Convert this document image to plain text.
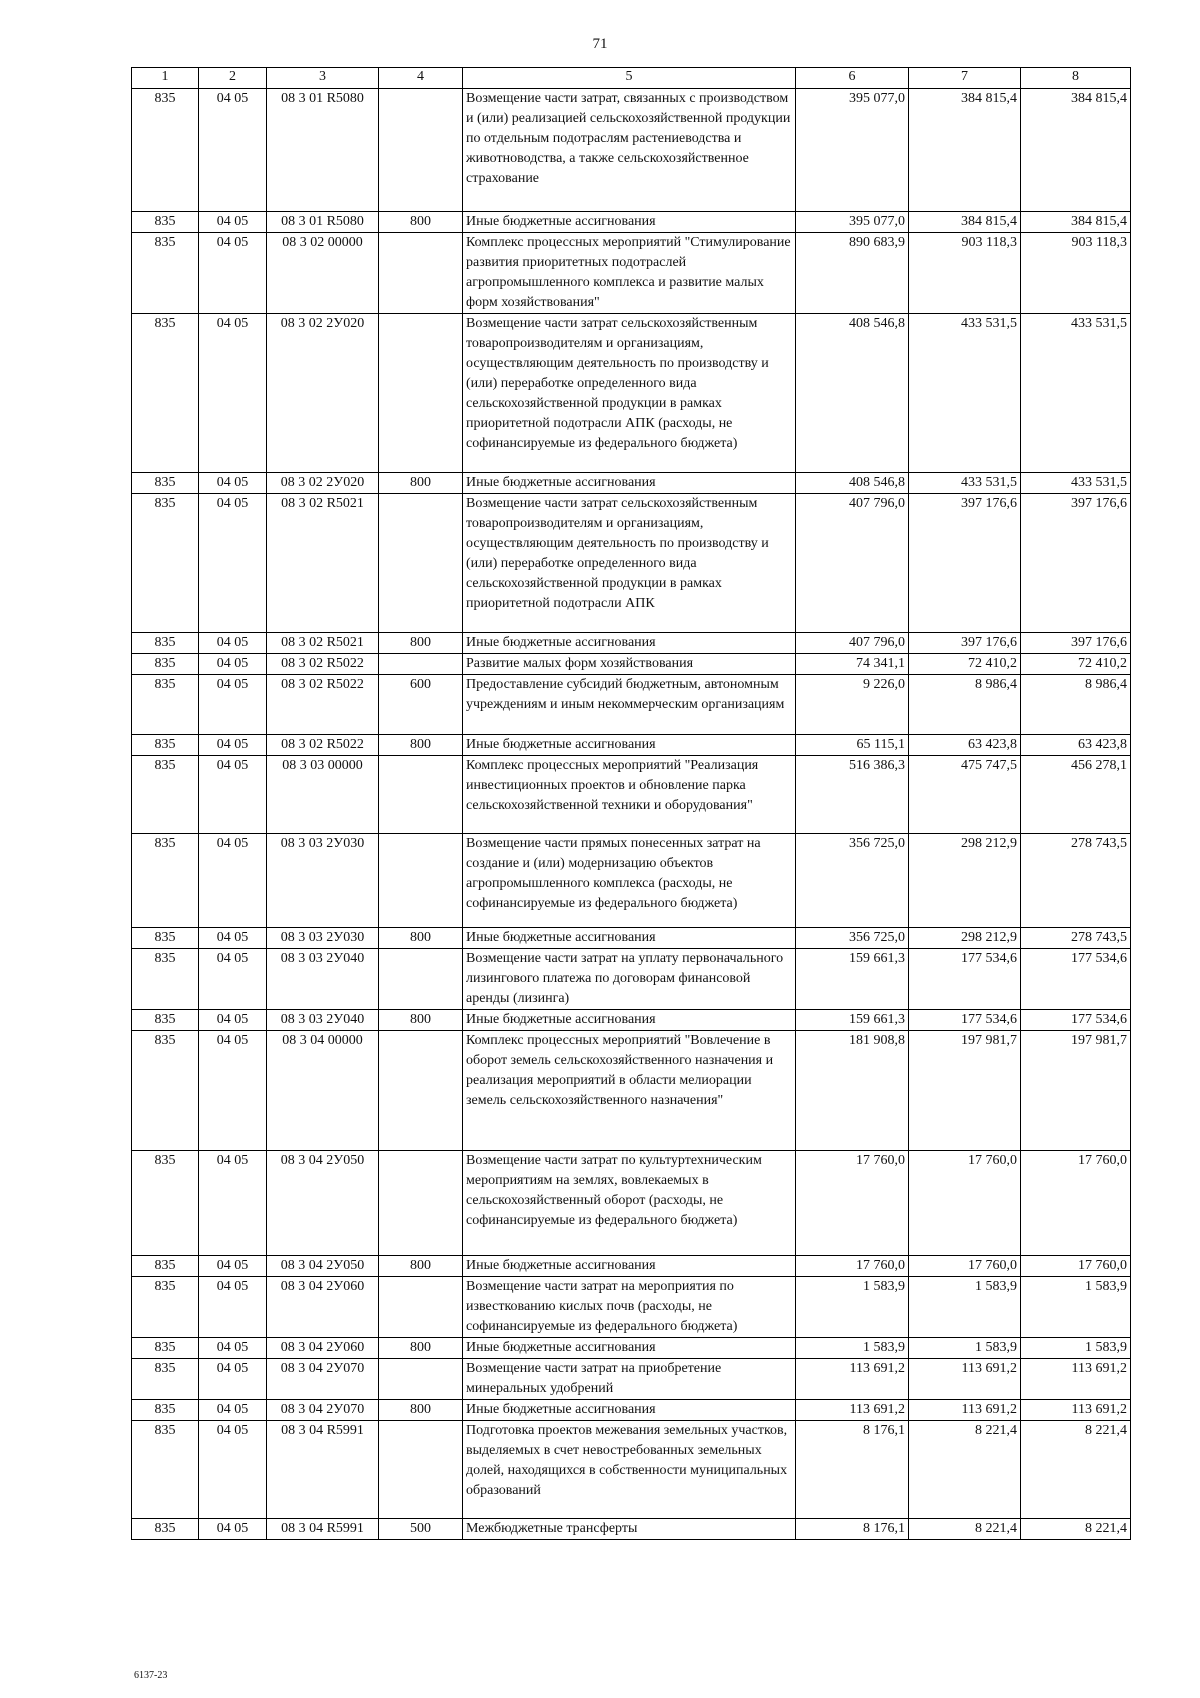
71
1	2	3	4	5	6	7	8
835	04 05	08 3 01 R5080		Возмещение части затрат, связанных с производством и (или) реализацией сельскохозяйственной продукции по отдельным подотраслям растениеводства и животноводства, а также сельскохозяйственное страхование	395 077,0	384 815,4	384 815,4
835	04 05	08 3 01 R5080	800	Иные бюджетные ассигнования	395 077,0	384 815,4	384 815,4
835	04 05	08 3 02 00000		Комплекс процессных мероприятий "Стимулирование развития приоритетных подотраслей агропромышленного комплекса и развитие малых форм хозяйствования"	890 683,9	903 118,3	903 118,3
835	04 05	08 3 02 2У020		Возмещение части затрат сельскохозяйственным товаропроизводителям и организациям, осуществляющим деятельность по производству и (или) переработке определенного вида сельскохозяйственной продукции в рамках приоритетной подотрасли АПК (расходы, не софинансируемые из федерального бюджета)	408 546,8	433 531,5	433 531,5
835	04 05	08 3 02 2У020	800	Иные бюджетные ассигнования	408 546,8	433 531,5	433 531,5
835	04 05	08 3 02 R5021		Возмещение части затрат сельскохозяйственным товаропроизводителям и организациям, осуществляющим деятельность по производству и (или) переработке определенного вида сельскохозяйственной продукции в рамках приоритетной подотрасли АПК	407 796,0	397 176,6	397 176,6
835	04 05	08 3 02 R5021	800	Иные бюджетные ассигнования	407 796,0	397 176,6	397 176,6
835	04 05	08 3 02 R5022		Развитие малых форм хозяйствования	74 341,1	72 410,2	72 410,2
835	04 05	08 3 02 R5022	600	Предоставление субсидий бюджетным, автономным учреждениям и иным некоммерческим организациям	9 226,0	8 986,4	8 986,4
835	04 05	08 3 02 R5022	800	Иные бюджетные ассигнования	65 115,1	63 423,8	63 423,8
835	04 05	08 3 03 00000		Комплекс процессных мероприятий "Реализация инвестиционных проектов и обновление парка сельскохозяйственной техники и оборудования"	516 386,3	475 747,5	456 278,1
835	04 05	08 3 03 2У030		Возмещение части прямых понесенных затрат на создание и (или) модернизацию объектов агропромышленного комплекса (расходы, не софинансируемые из федерального бюджета)	356 725,0	298 212,9	278 743,5
835	04 05	08 3 03 2У030	800	Иные бюджетные ассигнования	356 725,0	298 212,9	278 743,5
835	04 05	08 3 03 2У040		Возмещение части затрат на уплату первоначального лизингового платежа по договорам финансовой аренды (лизинга)	159 661,3	177 534,6	177 534,6
835	04 05	08 3 03 2У040	800	Иные бюджетные ассигнования	159 661,3	177 534,6	177 534,6
835	04 05	08 3 04 00000		Комплекс процессных мероприятий "Вовлечение в оборот земель сельскохозяйственного назначения и реализация мероприятий в области мелиорации земель сельскохозяйственного назначения"	181 908,8	197 981,7	197 981,7
835	04 05	08 3 04 2У050		Возмещение части затрат по культуртехническим мероприятиям на землях, вовлекаемых в сельскохозяйственный оборот (расходы, не софинансируемые из федерального бюджета)	17 760,0	17 760,0	17 760,0
835	04 05	08 3 04 2У050	800	Иные бюджетные ассигнования	17 760,0	17 760,0	17 760,0
835	04 05	08 3 04 2У060		Возмещение части затрат на мероприятия по известкованию кислых почв (расходы, не софинансируемые из федерального бюджета)	1 583,9	1 583,9	1 583,9
835	04 05	08 3 04 2У060	800	Иные бюджетные ассигнования	1 583,9	1 583,9	1 583,9
835	04 05	08 3 04 2У070		Возмещение части затрат на приобретение минеральных удобрений	113 691,2	113 691,2	113 691,2
835	04 05	08 3 04 2У070	800	Иные бюджетные ассигнования	113 691,2	113 691,2	113 691,2
835	04 05	08 3 04 R5991		Подготовка проектов межевания земельных участков, выделяемых в счет невостребованных земельных долей, находящихся в собственности муниципальных образований	8 176,1	8 221,4	8 221,4
835	04 05	08 3 04 R5991	500	Межбюджетные трансферты	8 176,1	8 221,4	8 221,4
6137-23
